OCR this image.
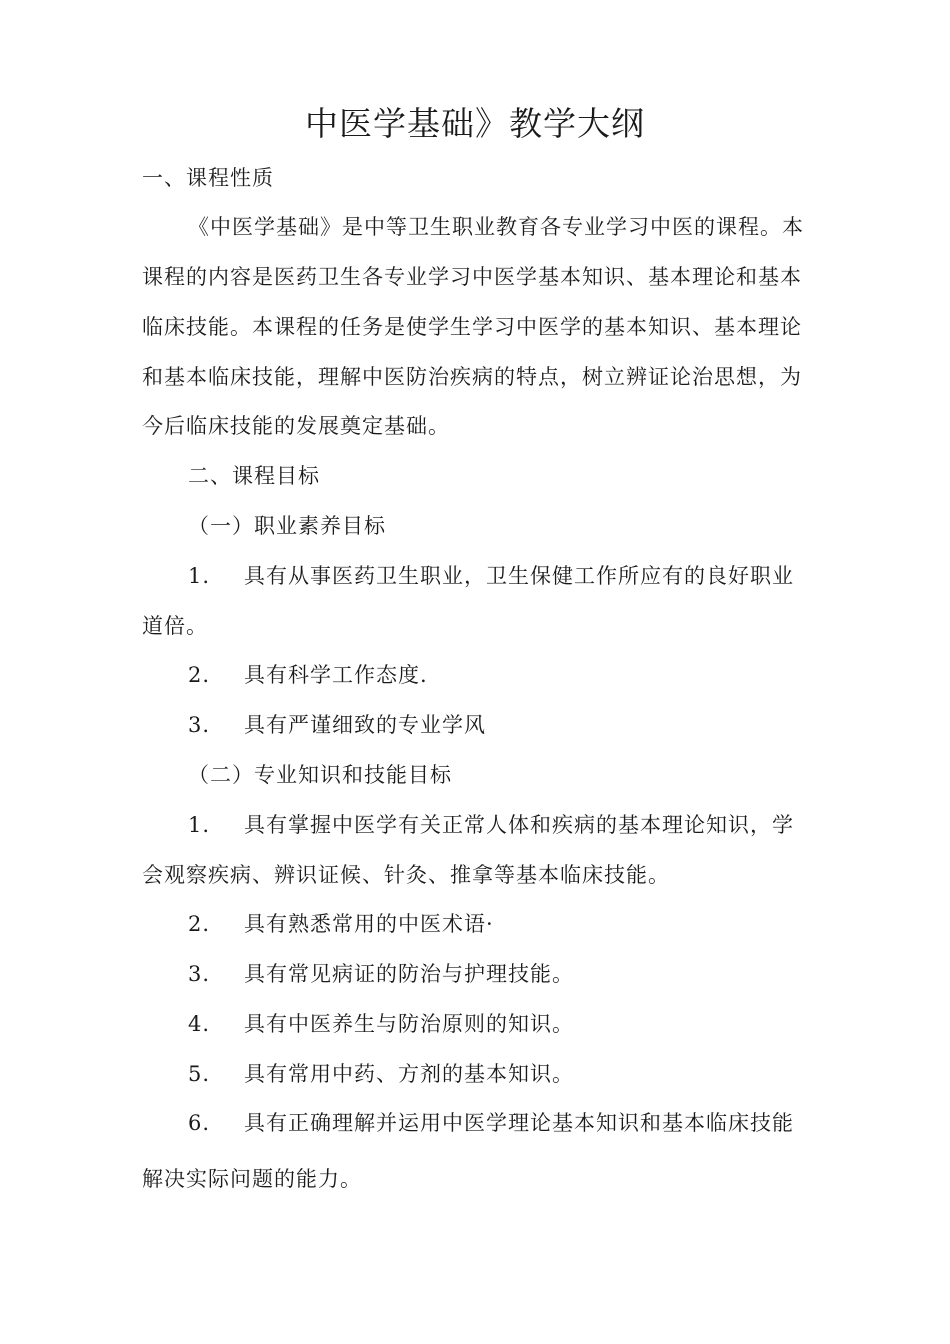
中医学基础》教学大纲
一、课程性质
《中医学基础》是中等卫生职业教育各专业学习中医的课程。本
课程的内容是医药卫生各专业学习中医学基本知识、基本理论和基本
临床技能。本课程的任务是使学生学习中医学的基本知识、基本理论
和基本临床技能，理解中医防治疾病的特点，树立辨证论治思想，为
今后临床技能的发展奠定基础。
二、课程目标
（一）职业素养目标
1. 具有从事医药卫生职业，卫生保健工作所应有的良好职业
道倍。
2. 具有科学工作态度.
3. 具有严谨细致的专业学风
（二）专业知识和技能目标
1. 具有掌握中医学有关正常人体和疾病的基本理论知识，学
会观察疾病、辨识证候、针灸、推拿等基本临床技能。
2. 具有熟悉常用的中医术语·
3. 具有常见病证的防治与护理技能。
4. 具有中医养生与防治原则的知识。
5. 具有常用中药、方剂的基本知识。
6. 具有正确理解并运用中医学理论基本知识和基本临床技能
解决实际问题的能力。
